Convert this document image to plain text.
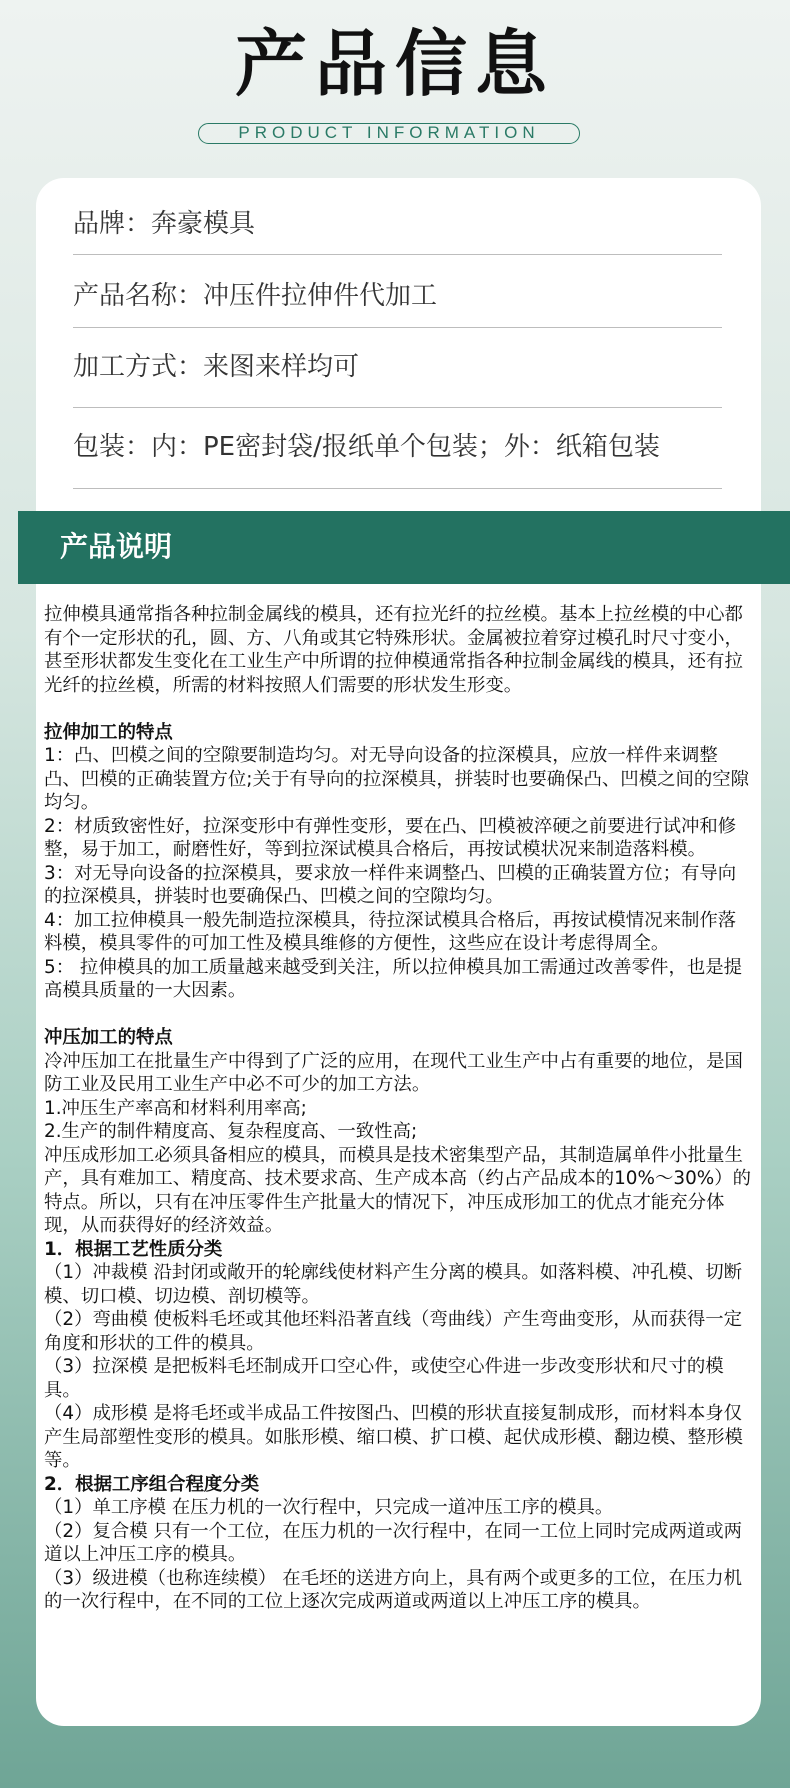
产品信息
PRODUCT INFORMATION
品牌：奔豪模具
产品名称：冲压件拉伸件代加工
加工方式：来图来样均可
包装：内：PE密封袋/报纸单个包装；外：纸箱包装
产品说明

拉伸模具通常指各种拉制金属线的模具，还有拉光纤的拉丝模。基本上拉丝模的中心都有个一定形状的孔，圆、方、八角或其它特殊形状。金属被拉着穿过模孔时尺寸变小，甚至形状都发生变化在工业生产中所谓的拉伸模通常指各种拉制金属线的模具，还有拉光纤的拉丝模，所需的材料按照人们需要的形状发生形变。

拉伸加工的特点

1：凸、凹模之间的空隙要制造均匀。对无导向设备的拉深模具，应放一样件来调整凸、凹模的正确装置方位;关于有导向的拉深模具，拼装时也要确保凸、凹模之间的空隙均匀。

2：材质致密性好，拉深变形中有弹性变形，要在凸、凹模被淬硬之前要进行试冲和修整，易于加工，耐磨性好，等到拉深试模具合格后，再按试模状况来制造落料模。

3：对无导向设备的拉深模具，要求放一样件来调整凸、凹模的正确装置方位；有导向的拉深模具，拼装时也要确保凸、凹模之间的空隙均匀。

4：加工拉伸模具一般先制造拉深模具，待拉深试模具合格后，再按试模情况来制作落料模，模具零件的可加工性及模具维修的方便性，这些应在设计考虑得周全。

5： 拉伸模具的加工质量越来越受到关注，所以拉伸模具加工需通过改善零件，也是提高模具质量的一大因素。

冲压加工的特点

冷冲压加工在批量生产中得到了广泛的应用，在现代工业生产中占有重要的地位，是国防工业及民用工业生产中必不可少的加工方法。

1.冲压生产率高和材料利用率高;

2.生产的制件精度高、复杂程度高、一致性高;

冲压成形加工必须具备相应的模具，而模具是技术密集型产品，其制造属单件小批量生产，具有难加工、精度高、技术要求高、生产成本高（约占产品成本的10%～30%）的特点。所以，只有在冲压零件生产批量大的情况下，冲压成形加工的优点才能充分体现，从而获得好的经济效益。

1．根据工艺性质分类

（1）冲裁模 沿封闭或敞开的轮廓线使材料产生分离的模具。如落料模、冲孔模、切断模、切口模、切边模、剖切模等。

（2）弯曲模 使板料毛坯或其他坯料沿著直线（弯曲线）产生弯曲变形，从而获得一定角度和形状的工件的模具。

（3）拉深模 是把板料毛坯制成开口空心件，或使空心件进一步改变形状和尺寸的模具。

（4）成形模 是将毛坯或半成品工件按图凸、凹模的形状直接复制成形，而材料本身仅产生局部塑性变形的模具。如胀形模、缩口模、扩口模、起伏成形模、翻边模、整形模等。

2．根据工序组合程度分类

（1）单工序模 在压力机的一次行程中，只完成一道冲压工序的模具。

（2）复合模 只有一个工位，在压力机的一次行程中，在同一工位上同时完成两道或两道以上冲压工序的模具。

（3）级进模（也称连续模） 在毛坯的送进方向上，具有两个或更多的工位，在压力机的一次行程中，在不同的工位上逐次完成两道或两道以上冲压工序的模具。
